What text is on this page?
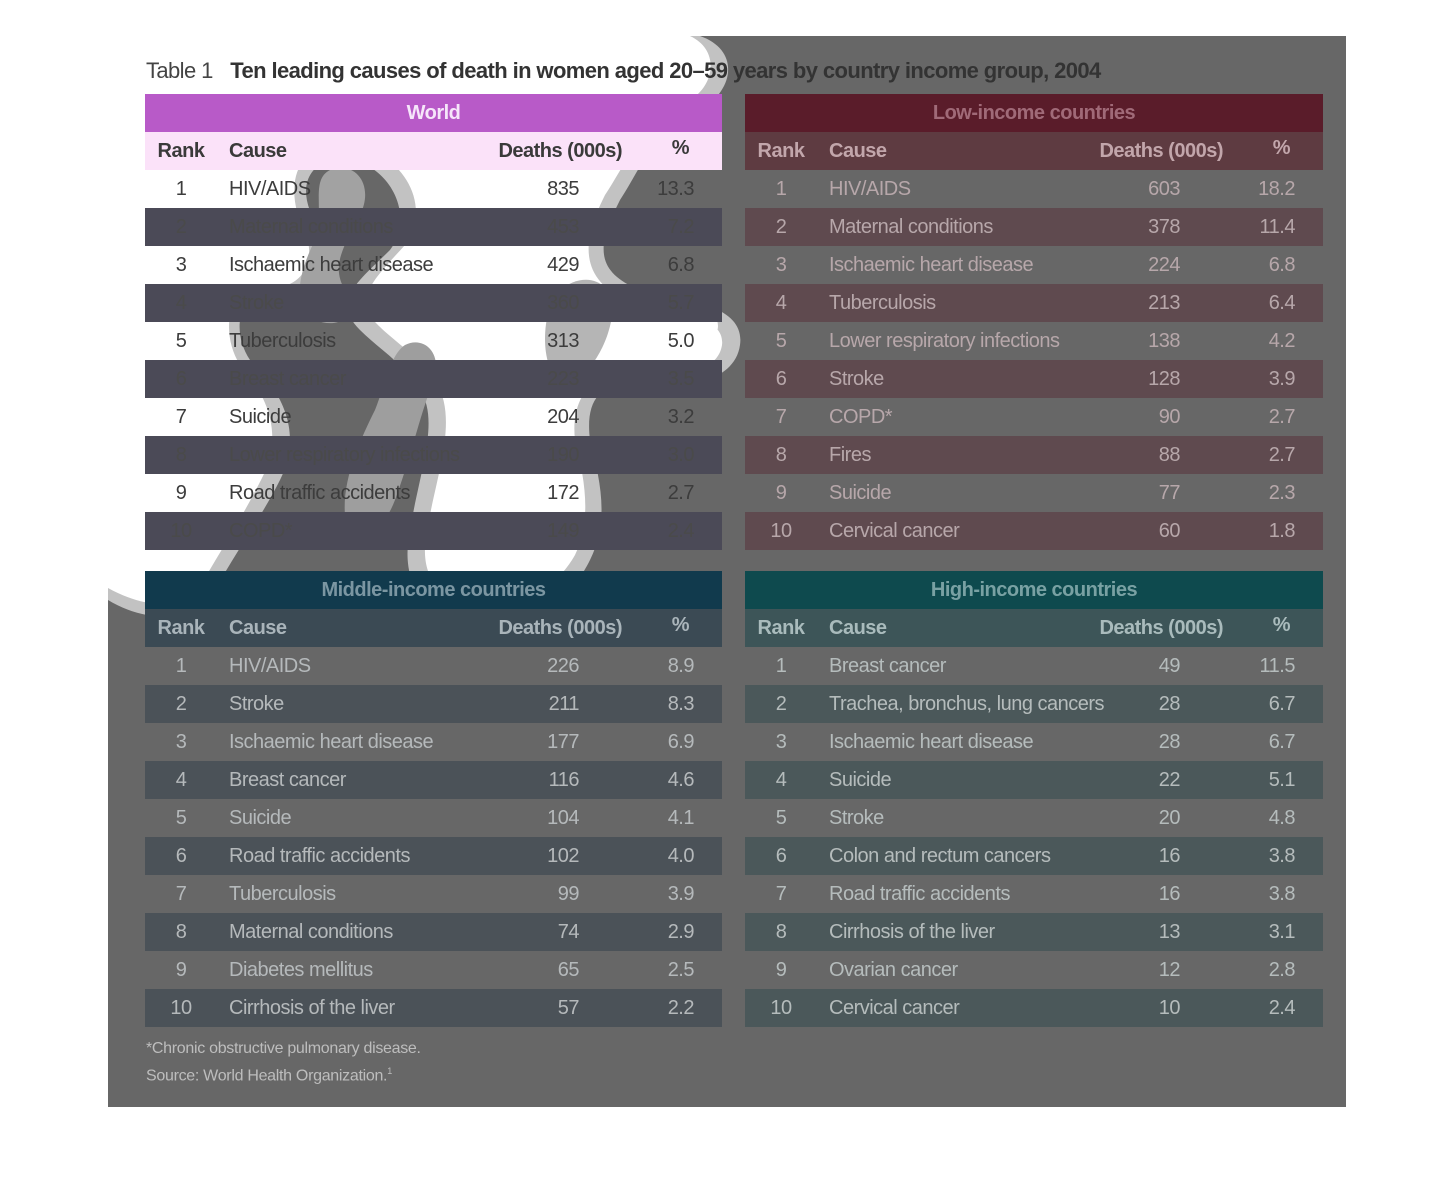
Table 1 Ten leading causes of death in women aged 20–59 years by country income group, 2004
World
Rank	Cause	Deaths (000s) %
1	HIV/AIDS	835	13.3
2	Maternal conditions	453	7.2
3	Ischaemic heart disease	429	6.8
4	Stroke	360	5.7
5	Tuberculosis	313	5.0
6	Breast cancer	223	3.5
7	Suicide	204	3.2
8	Lower respiratory infections	190	3.0
9	Road traffic accidents	172	2.7
10	COPD*	149	2.4
Low-income countries
Rank	Cause	Deaths (000s) %
1	HIV/AIDS	603	18.2
2	Maternal conditions	378	11.4
3	Ischaemic heart disease	224	6.8
4	Tuberculosis	213	6.4
5	Lower respiratory infections	138	4.2
6	Stroke	128	3.9
7	COPD*	90	2.7
8	Fires	88	2.7
9	Suicide	77	2.3
10	Cervical cancer	60	1.8
Middle-income countries
Rank	Cause	Deaths (000s) %
1	HIV/AIDS	226	8.9
2	Stroke	211	8.3
3	Ischaemic heart disease	177	6.9
4	Breast cancer	116	4.6
5	Suicide	104	4.1
6	Road traffic accidents	102	4.0
7	Tuberculosis	99	3.9
8	Maternal conditions	74	2.9
9	Diabetes mellitus	65	2.5
10	Cirrhosis of the liver	57	2.2
High-income countries
Rank	Cause	Deaths (000s) %
1	Breast cancer	49	11.5
2	Trachea, bronchus, lung cancers	28	6.7
3	Ischaemic heart disease	28	6.7
4	Suicide	22	5.1
5	Stroke	20	4.8
6	Colon and rectum cancers	16	3.8
7	Road traffic accidents	16	3.8
8	Cirrhosis of the liver	13	3.1
9	Ovarian cancer	12	2.8
10	Cervical cancer	10	2.4
*Chronic obstructive pulmonary disease.
Source: World Health Organization.$^1$
